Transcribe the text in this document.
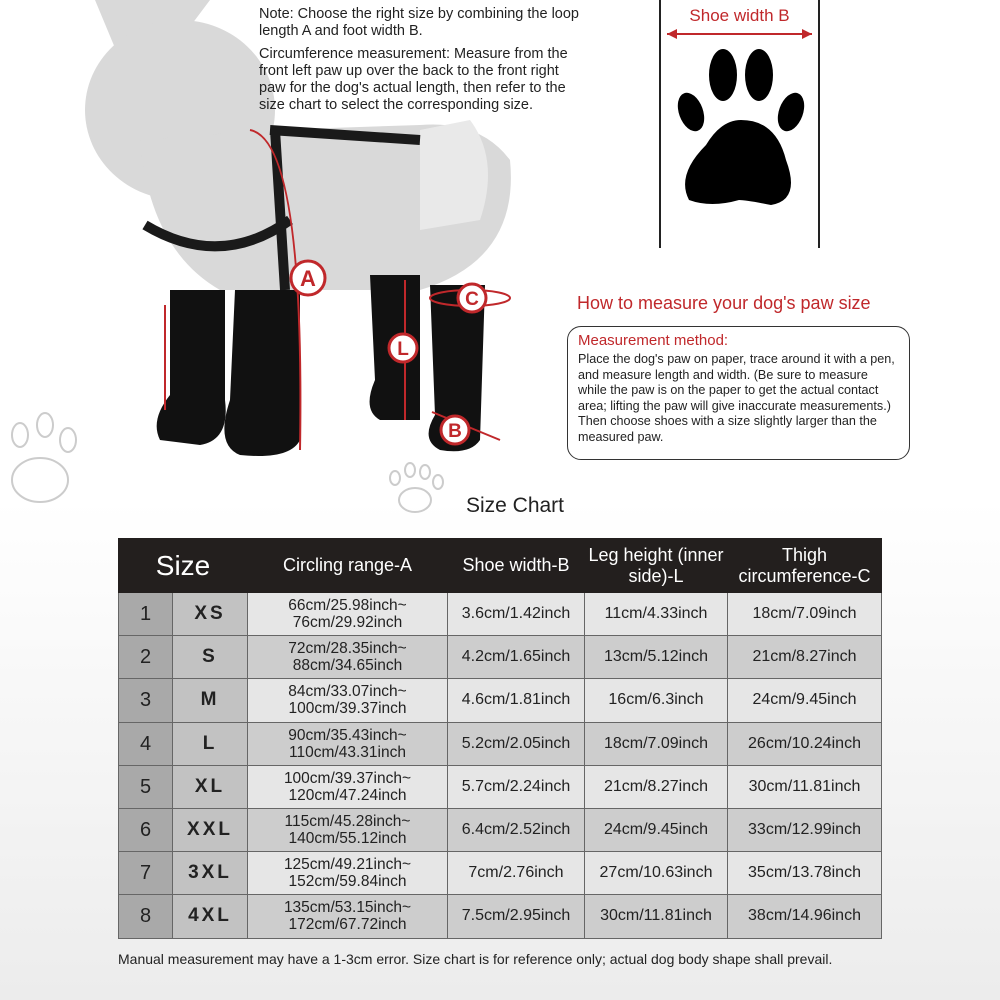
A
L
C
B

Note: Choose the right size by combining the loop length A and foot width B.

Circumference measurement: Measure from the front left paw up over the back to the front right paw for the dog's actual length, then refer to the size chart to select the corresponding size.

Shoe width B
How to measure your dog's paw size
Measurement method:

Place the dog's paw on paper, trace around it with a pen, and measure length and width. (Be sure to measure while the paw is on the paper to get the actual contact area; lifting the paw will give inaccurate measurements.) Then choose shoes with a size slightly larger than the measured paw.

Size Chart
Size		Circling range-A	Shoe width-B	Leg height (inner side)-L	Thigh circumference-C
1	XS	66cm/25.98inch~
76cm/29.92inch	3.6cm/1.42inch	11cm/4.33inch	18cm/7.09inch
2	S	72cm/28.35inch~
88cm/34.65inch	4.2cm/1.65inch	13cm/5.12inch	21cm/8.27inch
3	M	84cm/33.07inch~
100cm/39.37inch	4.6cm/1.81inch	16cm/6.3inch	24cm/9.45inch
4	L	90cm/35.43inch~
110cm/43.31inch	5.2cm/2.05inch	18cm/7.09inch	26cm/10.24inch
5	XL	100cm/39.37inch~
120cm/47.24inch	5.7cm/2.24inch	21cm/8.27inch	30cm/11.81inch
6	XXL	115cm/45.28inch~
140cm/55.12inch	6.4cm/2.52inch	24cm/9.45inch	33cm/12.99inch
7	3XL	125cm/49.21inch~
152cm/59.84inch	7cm/2.76inch	27cm/10.63inch	35cm/13.78inch
8	4XL	135cm/53.15inch~
172cm/67.72inch	7.5cm/2.95inch	30cm/11.81inch	38cm/14.96inch
Manual measurement may have a 1-3cm error. Size chart is for reference only; actual dog body shape shall prevail.
